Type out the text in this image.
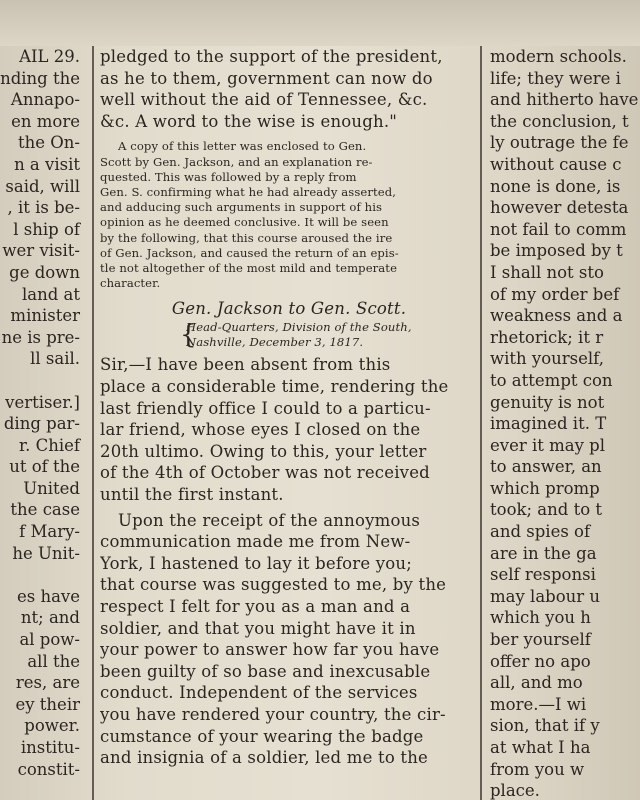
AIL 29.
nding the
Annapo-
en more
the On-
n a visit
said, will
, it is be-
l ship of
wer visit-
ge down
land at
minister
ne is pre-
ll sail.

vertiser.]
ding par-
r. Chief
ut of the
United
the case
f Mary-
he Unit-

es have
nt; and
al pow-
all the
res, are
ey their
power.
institu-
constit-
pledged to the support of the president,
as he to them, government can now do
well without the aid of Tennessee, &c.
&c. A word to the wise is enough."
A copy of this letter was enclosed to Gen.
Scott by Gen. Jackson, and an explanation re-
quested. This was followed by a reply from
Gen. S. confirming what he had already asserted,
and adducing such arguments in support of his
opinion as he deemed conclusive. It will be seen
by the following, that this course aroused the ire
of Gen. Jackson, and caused the return of an epis-
tle not altogether of the most mild and temperate
character.
Gen. Jackson to Gen. Scott.
{
Head-Quarters, Division of the South,
Nashville, December 3, 1817.
Sir,—I have been absent from this
place a considerable time, rendering the
last friendly office I could to a particu-
lar friend, whose eyes I closed on the
20th ultimo. Owing to this, your letter
of the 4th of October was not received
until the first instant.
Upon the receipt of the annoymous
communication made me from New-
York, I hastened to lay it before you;
that course was suggested to me, by the
respect I felt for you as a man and a
soldier, and that you might have it in
your power to answer how far you have
been guilty of so base and inexcusable
conduct. Independent of the services
you have rendered your country, the cir-
cumstance of your wearing the badge
and insignia of a soldier, led me to the
modern schools.
life; they were i
and hitherto have
the conclusion, t
ly outrage the fe
without cause c
none is done, is
however detesta
not fail to comm
be imposed by t
I shall not sto
of my order bef
weakness and a
rhetorick; it r
with yourself,
to attempt con
genuity is not
imagined it. T
ever it may pl
to answer, an
which promp
took; and to t
and spies of
are in the ga
self responsi
may labour u
which you h
ber yourself
offer no apo
all, and mo
more.—I wi
sion, that if y
at what I ha
from you w
place.
